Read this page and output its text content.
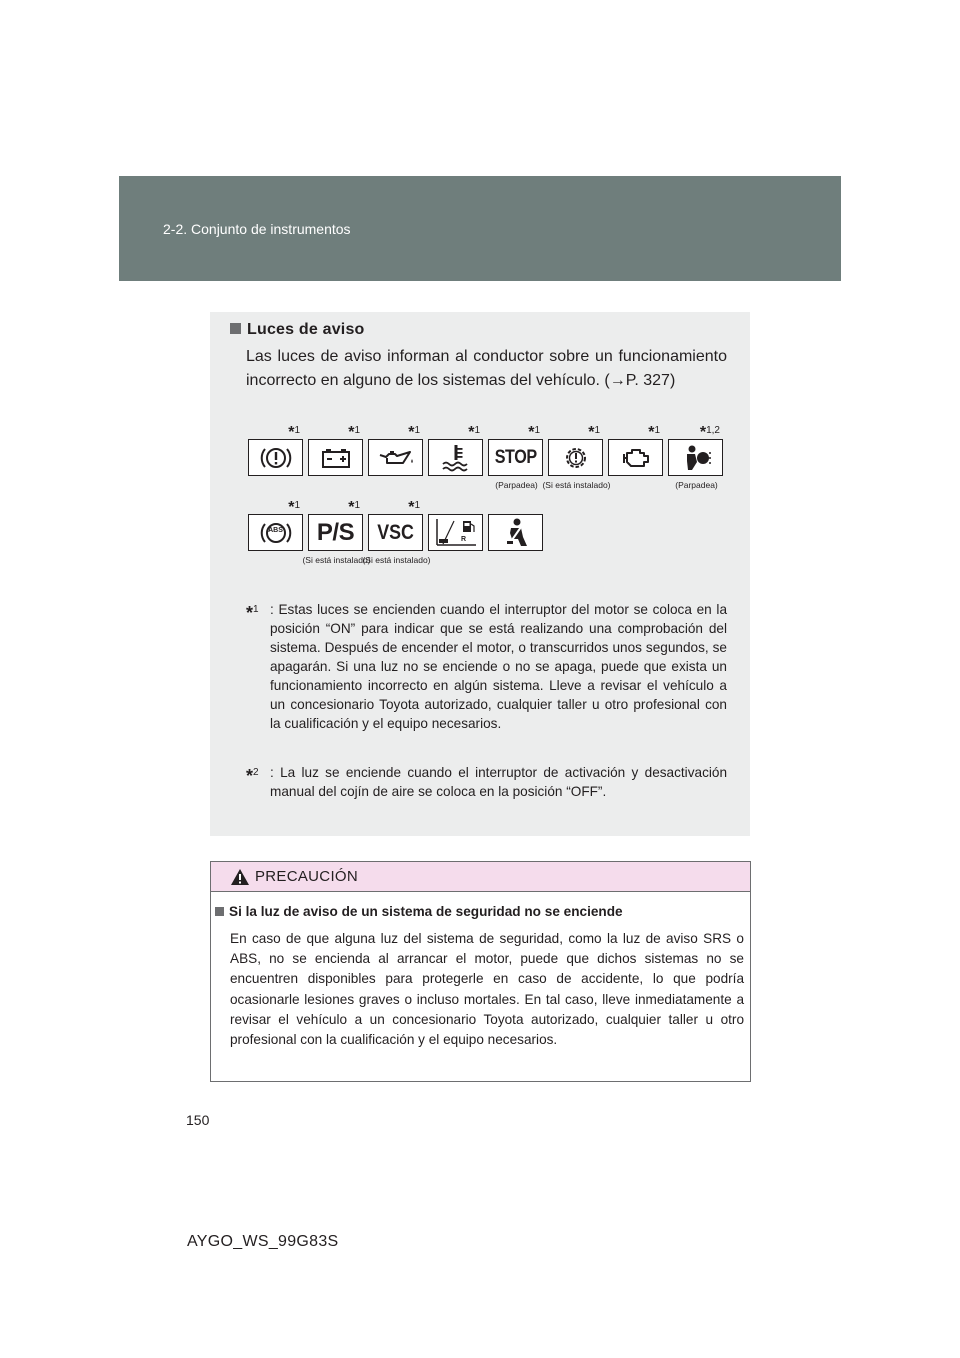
2-2. Conjunto de instrumentos
Luces de aviso

Las luces de aviso informan al conductor sobre un funcionamiento incorrecto en alguno de los sistemas del vehículo. (→P. 327)

*1	*1	*1	*1	*1
STOP
(Parpadea)
*1
(Si está instalado)
*1 *1,2
(Parpadea)
*1
ABS
*1
P/S
(Si está instalado)
*1
VSC
(Si está instalado)
R
*$^1$ : Estas luces se encienden cuando el interruptor del motor se coloca en la posición “ON” para indicar que se está realizando una comprobación del sistema. Después de encender el motor, o transcurridos unos segundos, se apagarán. Si una luz no se enciende o no se apaga, puede que exista un funcionamiento incorrecto en algún sistema. Lleve a revisar el vehículo a un concesionario Toyota autorizado, cualquier taller u otro profesional con la cualificación y el equipo necesarios.
*$^2$ : La luz se enciende cuando el interruptor de activación y desactivación manual del cojín de aire se coloca en la posición “OFF”.
PRECAUCIÓN
Si la luz de aviso de un sistema de seguridad no se enciende

En caso de que alguna luz del sistema de seguridad, como la luz de aviso SRS o ABS, no se encienda al arrancar el motor, puede que dichos sistemas no se encuentren disponibles para protegerle en caso de accidente, lo que podría ocasionarle lesiones graves o incluso mortales. En tal caso, lleve inmediatamente a revisar el vehículo a un concesionario Toyota autorizado, cualquier taller u otro profesional con la cualificación y el equipo necesarios.

150
AYGO_WS_99G83S
